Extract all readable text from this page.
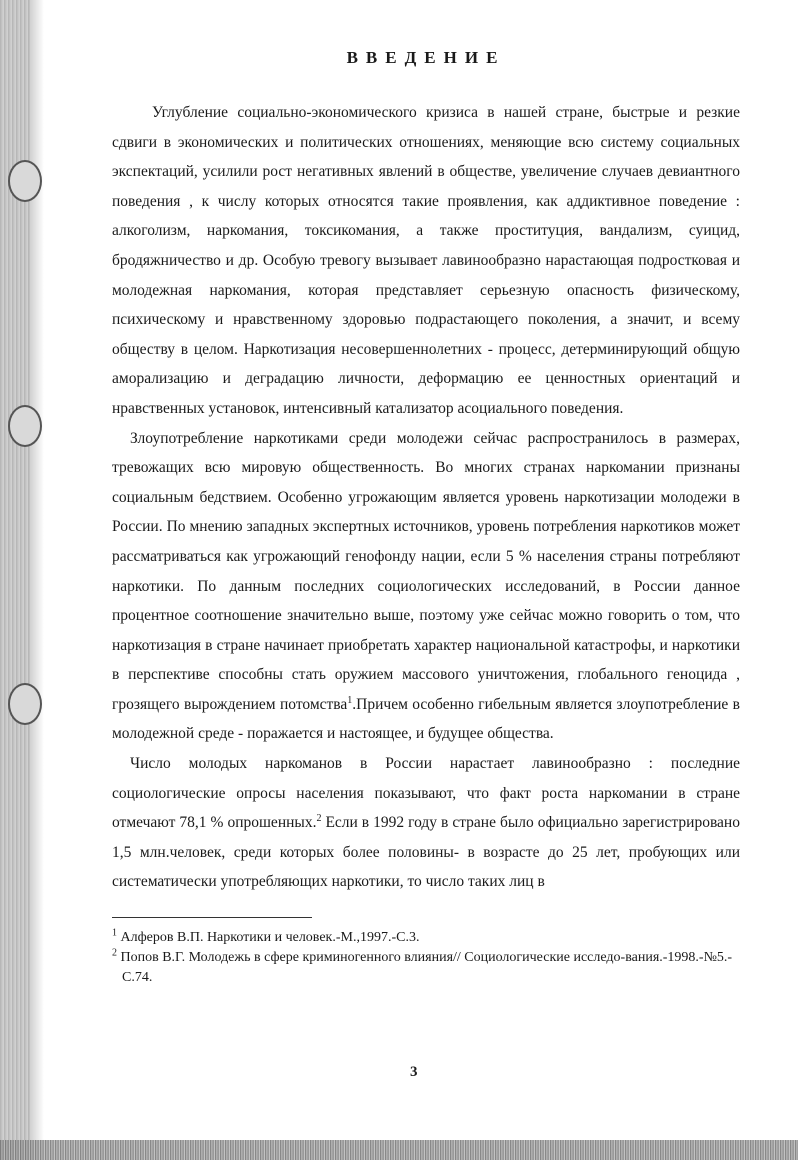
ВВЕДЕНИЕ

Углубление социально-экономического кризиса в нашей стране, быстрые и резкие сдвиги в экономических и политических отношениях, меняющие всю систему социальных экспектаций, усилили рост негативных явлений в обществе, увеличение случаев девиантного поведения , к числу которых относятся такие проявления, как аддиктивное поведение : алкоголизм, наркомания, токсикомания, а также проституция, вандализм, суицид, бродяжничество и др. Особую тревогу вызывает лавинообразно нарастающая подростковая и молодежная наркомания, которая представляет серьезную опасность физическому, психическому и нравственному здоровью подрастающего поколения, а значит, и всему обществу в целом. Наркотизация несовершеннолетних - процесс, детерминирующий общую аморализацию и деградацию личности, деформацию ее ценностных ориентаций и нравственных установок, интенсивный катализатор асоциального поведения.

Злоупотребление наркотиками среди молодежи сейчас распространилось в размерах, тревожащих всю мировую общественность. Во многих странах наркомании признаны социальным бедствием. Особенно угрожающим является уровень наркотизации молодежи в России. По мнению западных экспертных источников, уровень потребления наркотиков может рассматриваться как угрожающий генофонду нации, если 5 % населения страны потребляют наркотики. По данным последних социологических исследований, в России данное процентное соотношение значительно выше, поэтому уже сейчас можно говорить о том, что наркотизация в стране начинает приобретать характер национальной катастрофы, и наркотики в перспективе способны стать оружием массового уничтожения, глобального геноцида , грозящего вырождением потомства$^1$.Причем особенно гибельным является злоупотребление в молодежной среде - поражается и настоящее, и будущее общества.

Число молодых наркоманов в России нарастает лавинообразно : последние социологические опросы населения показывают, что факт роста наркомании в стране отмечают 78,1 % опрошенных.$^2$ Если в 1992 году в стране было официально зарегистрировано 1,5 млн.человек, среди которых более половины- в возрасте до 25 лет, пробующих или систематически употребляющих наркотики, то число таких лиц в

$^1$ Алферов В.П. Наркотики и человек.-М.,1997.-С.3.

$^2$ Попов В.Г. Молодежь в сфере криминогенного влияния// Социологические исследо-вания.-1998.-№5.-С.74.

3
